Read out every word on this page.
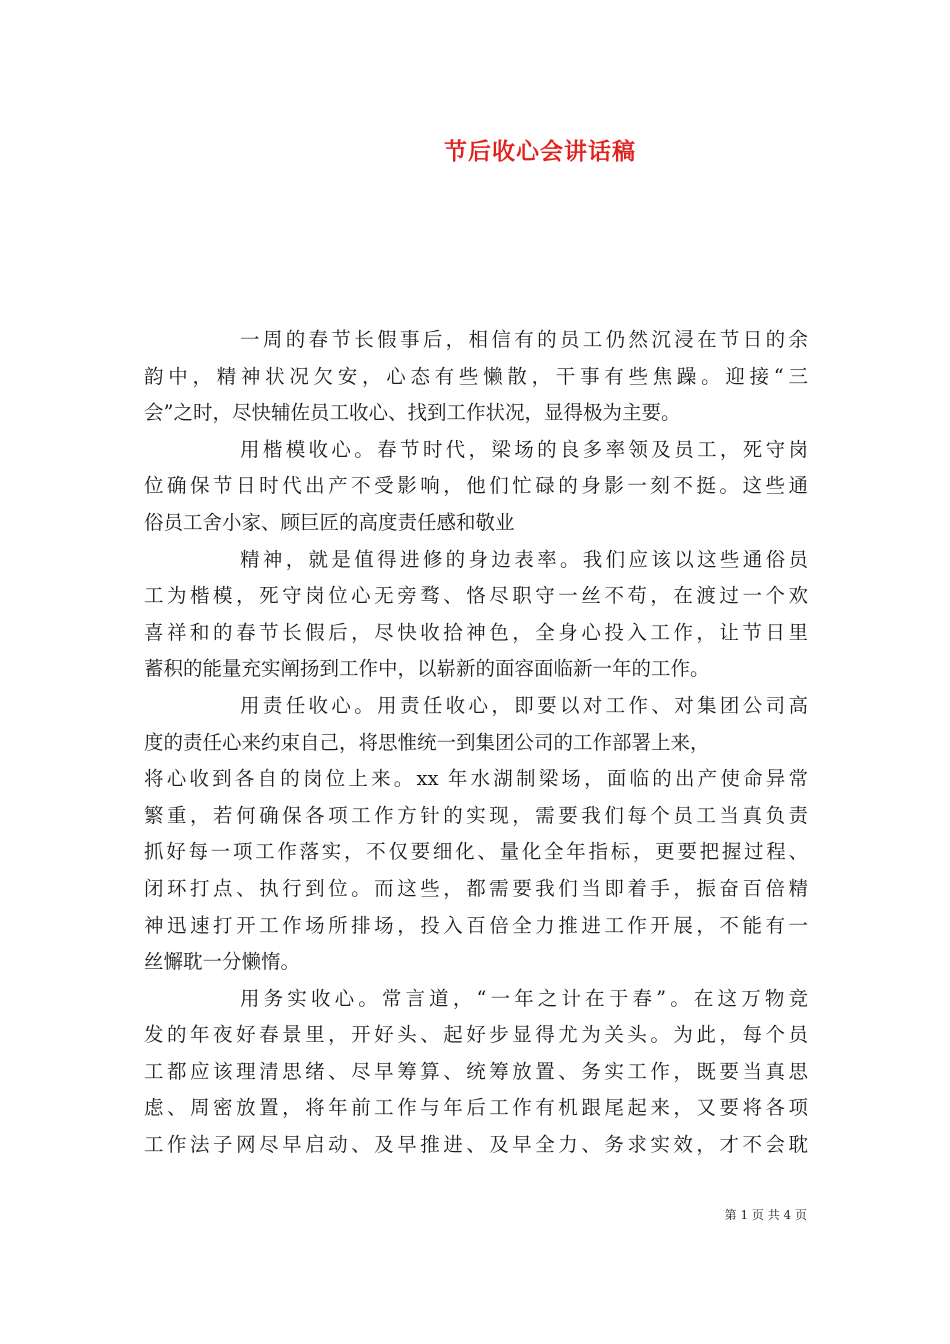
节后收心会讲话稿
一周的春节长假事后，相信有的员工仍然沉浸在节日的余
韵中，精神状况欠安，心态有些懒散，干事有些焦躁。迎接“三
会”之时，尽快辅佐员工收心、找到工作状况，显得极为主要。
用楷模收心。春节时代，梁场的良多率领及员工，死守岗
位确保节日时代出产不受影响，他们忙碌的身影一刻不挺。这些通
俗员工舍小家、顾巨匠的高度责任感和敬业
精神，就是值得进修的身边表率。我们应该以这些通俗员
工为楷模，死守岗位心无旁骛、恪尽职守一丝不苟，在渡过一个欢
喜祥和的春节长假后，尽快收拾神色，全身心投入工作，让节日里
蓄积的能量充实阐扬到工作中，以崭新的面容面临新一年的工作。
用责任收心。用责任收心，即要以对工作、对集团公司高
度的责任心来约束自己，将思惟统一到集团公司的工作部署上来，
将心收到各自的岗位上来。xx 年水湖制梁场，面临的出产使命异常
繁重，若何确保各项工作方针的实现，需要我们每个员工当真负责
抓好每一项工作落实，不仅要细化、量化全年指标，更要把握过程、
闭环打点、执行到位。而这些，都需要我们当即着手，振奋百倍精
神迅速打开工作场所排场，投入百倍全力推进工作开展，不能有一
丝懈耽一分懒惰。
用务实收心。常言道，“一年之计在于春”。在这万物竞
发的年夜好春景里，开好头、起好步显得尤为关头。为此，每个员
工都应该理清思绪、尽早筹算、统筹放置、务实工作，既要当真思
虑、周密放置，将年前工作与年后工作有机跟尾起来，又要将各项
工作法子网尽早启动、及早推进、及早全力、务求实效，才不会耽
第 1 页 共 4 页
